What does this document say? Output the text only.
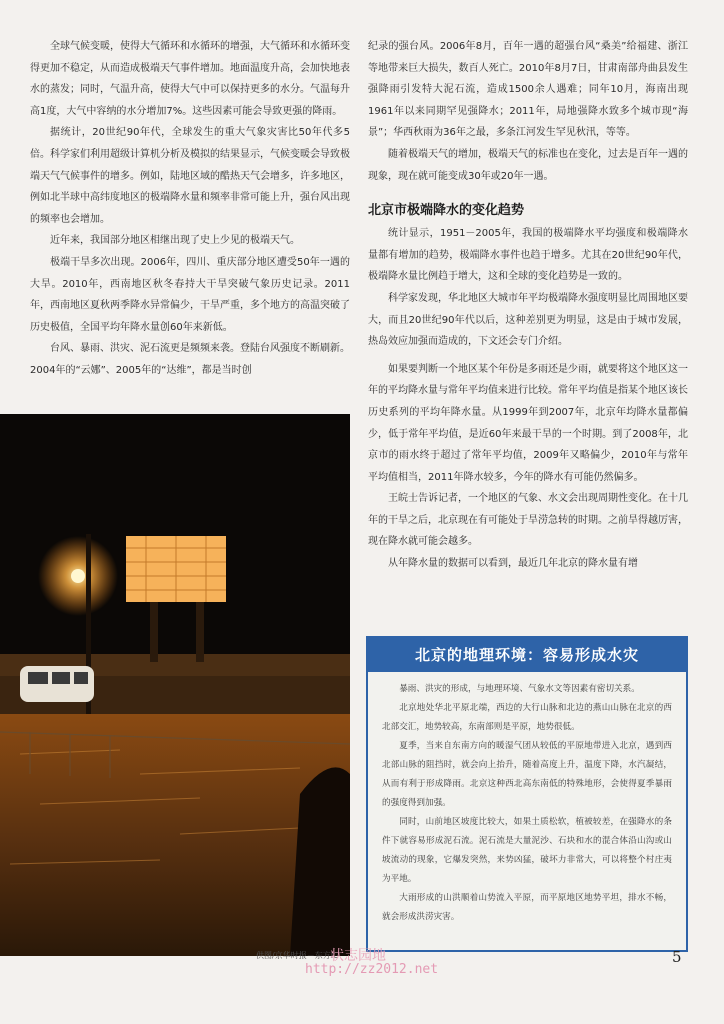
全球气候变暖，使得大气循环和水循环的增强，大气循环和水循环变得更加不稳定，从而造成极端天气事件增加。地面温度升高，会加快地表水的蒸发；同时，气温升高，使得大气中可以保持更多的水分。气温每升高1度，大气中容纳的水分增加7%。这些因素可能会导致更强的降雨。

据统计，20世纪90年代，全球发生的重大气象灾害比50年代多5倍。科学家们利用超级计算机分析及模拟的结果显示，气候变暖会导致极端天气气候事件的增多。例如，陆地区域的酷热天气会增多，许多地区，例如北半球中高纬度地区的极端降水量和频率非常可能上升，强台风出现的频率也会增加。

近年来，我国部分地区相继出现了史上少见的极端天气。

极端干旱多次出现。2006年，四川、重庆部分地区遭受50年一遇的大旱。2010年，西南地区秋冬春持大干旱突破气象历史记录。2011年，西南地区夏秋两季降水异常偏少，干旱严重，多个地方的高温突破了历史极值，全国平均年降水量创60年来新低。

台风、暴雨、洪灾、泥石流更是频频来袭。登陆台风强度不断刷新。2004年的“云娜”、2005年的“达维”，都是当时创

纪录的强台风。2006年8月，百年一遇的超强台风“桑美”给福建、浙江等地带来巨大损失，数百人死亡。2010年8月7日，甘肃南部舟曲县发生强降雨引发特大泥石流，造成1500余人遇难；同年10月，海南出现1961年以来同期罕见强降水；2011年，局地强降水致多个城市现“海景”；华西秋雨为36年之最，多条江河发生罕见秋汛，等等。

随着极端天气的增加，极端天气的标准也在变化，过去是百年一遇的现象，现在就可能变成30年或20年一遇。

北京市极端降水的变化趋势

统计显示，1951－2005年，我国的极端降水平均强度和极端降水量都有增加的趋势，极端降水事件也趋于增多。尤其在20世纪90年代，极端降水量比例趋于增大，这和全球的变化趋势是一致的。

科学家发现，华北地区大城市年平均极端降水强度明显比周围地区要大，而且20世纪90年代以后，这种差别更为明显，这是由于城市发展，热岛效应加强而造成的，下文还会专门介绍。

如果要判断一个地区某个年份是多雨还是少雨，就要将这个地区这一年的平均降水量与常年平均值来进行比较。常年平均值是指某个地区该长历史系列的平均年降水量。从1999年到2007年，北京年均降水量都偏少，低于常年平均值，是近60年来最干旱的一个时期。到了2008年，北京市的雨水终于超过了常年平均值，2009年又略偏少，2010年与常年平均值相当，2011年降水较多，今年的降水有可能仍然偏多。

王皖士告诉记者，一个地区的气象、水文会出现周期性变化。在十几年的干旱之后，北京现在有可能处于旱涝急转的时期。之前旱得越厉害，现在降水就可能会越多。

从年降水量的数据可以看到，最近几年北京的降水量有增

北京的地理环境：容易形成水灾

暴雨、洪灾的形成，与地理环境、气象水文等因素有密切关系。

北京地处华北平原北端，西边的大行山脉和北边的燕山山脉在北京的西北部交汇，地势较高，东南部则是平原，地势很低。

夏季，当来自东南方向的暖湿气团从较低的平原地带进入北京，遇到西北部山脉的阻挡时，就会向上抬升，随着高度上升，温度下降，水汽凝结，从而有利于形成降雨。北京这种西北高东南低的特殊地形，会使得夏季暴雨的强度得到加强。

同时，山前地区坡度比较大，如果土质松软，植被较差，在强降水的条件下就容易形成泥石流。泥石流是大量泥沙、石块和水的混合体沿山沟或山坡流动的现象，它爆发突然，来势凶猛，破坏力非常大，可以将整个村庄夷为平地。

大雨形成的山洪顺着山势流入平原，而平原地区地势平坦，排水不畅，就会形成洪涝灾害。

供图/京华时报－东方IC
状志园地
http://zz2012.net
5
